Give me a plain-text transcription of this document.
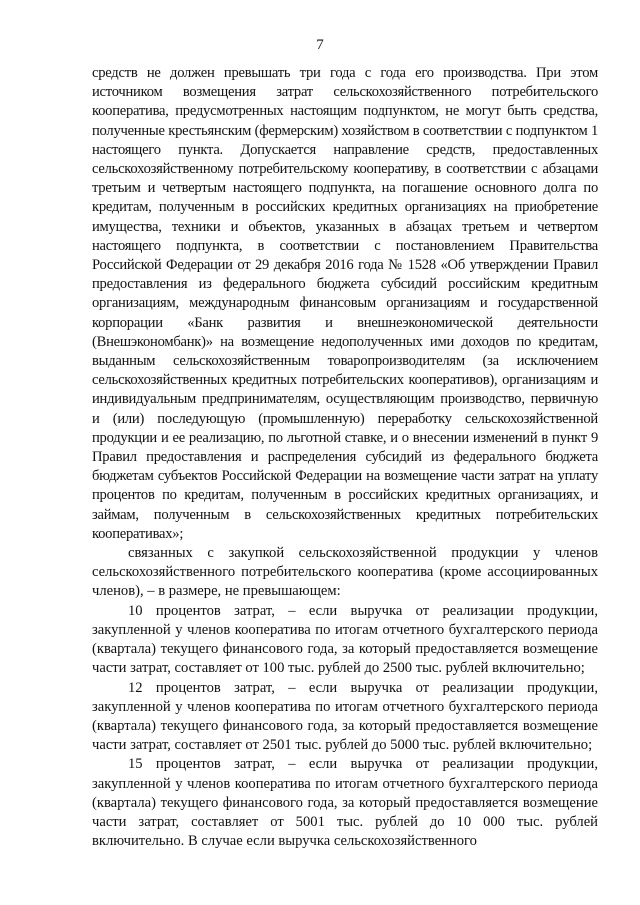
7

средств не должен превышать три года с года его производства. При этом источником возмещения затрат сельскохозяйственного потребительского кооператива, предусмотренных настоящим подпунктом, не могут быть средства, полученные крестьянским (фермерским) хозяйством в соответствии с подпунктом 1 настоящего пункта. Допускается направление средств, предоставленных сельскохозяйственному потребительскому кооперативу, в соответствии с абзацами третьим и четвертым настоящего подпункта, на погашение основного долга по кредитам, полученным в российских кредитных организациях на приобретение имущества, техники и объектов, указанных в абзацах третьем и четвертом настоящего подпункта, в соответствии с постановлением Правительства Российской Федерации от 29 декабря 2016 года № 1528 «Об утверждении Правил предоставления из федерального бюджета субсидий российским кредитным организациям, международным финансовым организациям и государственной корпорации «Банк развития и внешнеэкономической деятельности (Внешэкономбанк)» на возмещение недополученных ими доходов по кредитам, выданным сельскохозяйственным товаропроизводителям (за исключением сельскохозяйственных кредитных потребительских кооперативов), организациям и индивидуальным предпринимателям, осуществляющим производство, первичную и (или) последующую (промышленную) переработку сельскохозяйственной продукции и ее реализацию, по льготной ставке, и о внесении изменений в пункт 9 Правил предоставления и распределения субсидий из федерального бюджета бюджетам субъектов Российской Федерации на возмещение части затрат на уплату процентов по кредитам, полученным в российских кредитных организациях, и займам, полученным в сельскохозяйственных кредитных потребительских кооперативах»;

связанных с закупкой сельскохозяйственной продукции у членов сельскохозяйственного потребительского кооператива (кроме ассоциированных членов), – в размере, не превышающем:

10 процентов затрат, – если выручка от реализации продукции, закупленной у членов кооператива по итогам отчетного бухгалтерского периода (квартала) текущего финансового года, за который предоставляется возмещение части затрат, составляет от 100 тыс. рублей до 2500 тыс. рублей включительно;

12 процентов затрат, – если выручка от реализации продукции, закупленной у членов кооператива по итогам отчетного бухгалтерского периода (квартала) текущего финансового года, за который предоставляется возмещение части затрат, составляет от 2501 тыс. рублей до 5000 тыс. рублей включительно;

15 процентов затрат, – если выручка от реализации продукции, закупленной у членов кооператива по итогам отчетного бухгалтерского периода (квартала) текущего финансового года, за который предоставляется возмещение части затрат, составляет от 5001 тыс. рублей до 10 000 тыс. рублей включительно. В случае если выручка сельскохозяйственного
